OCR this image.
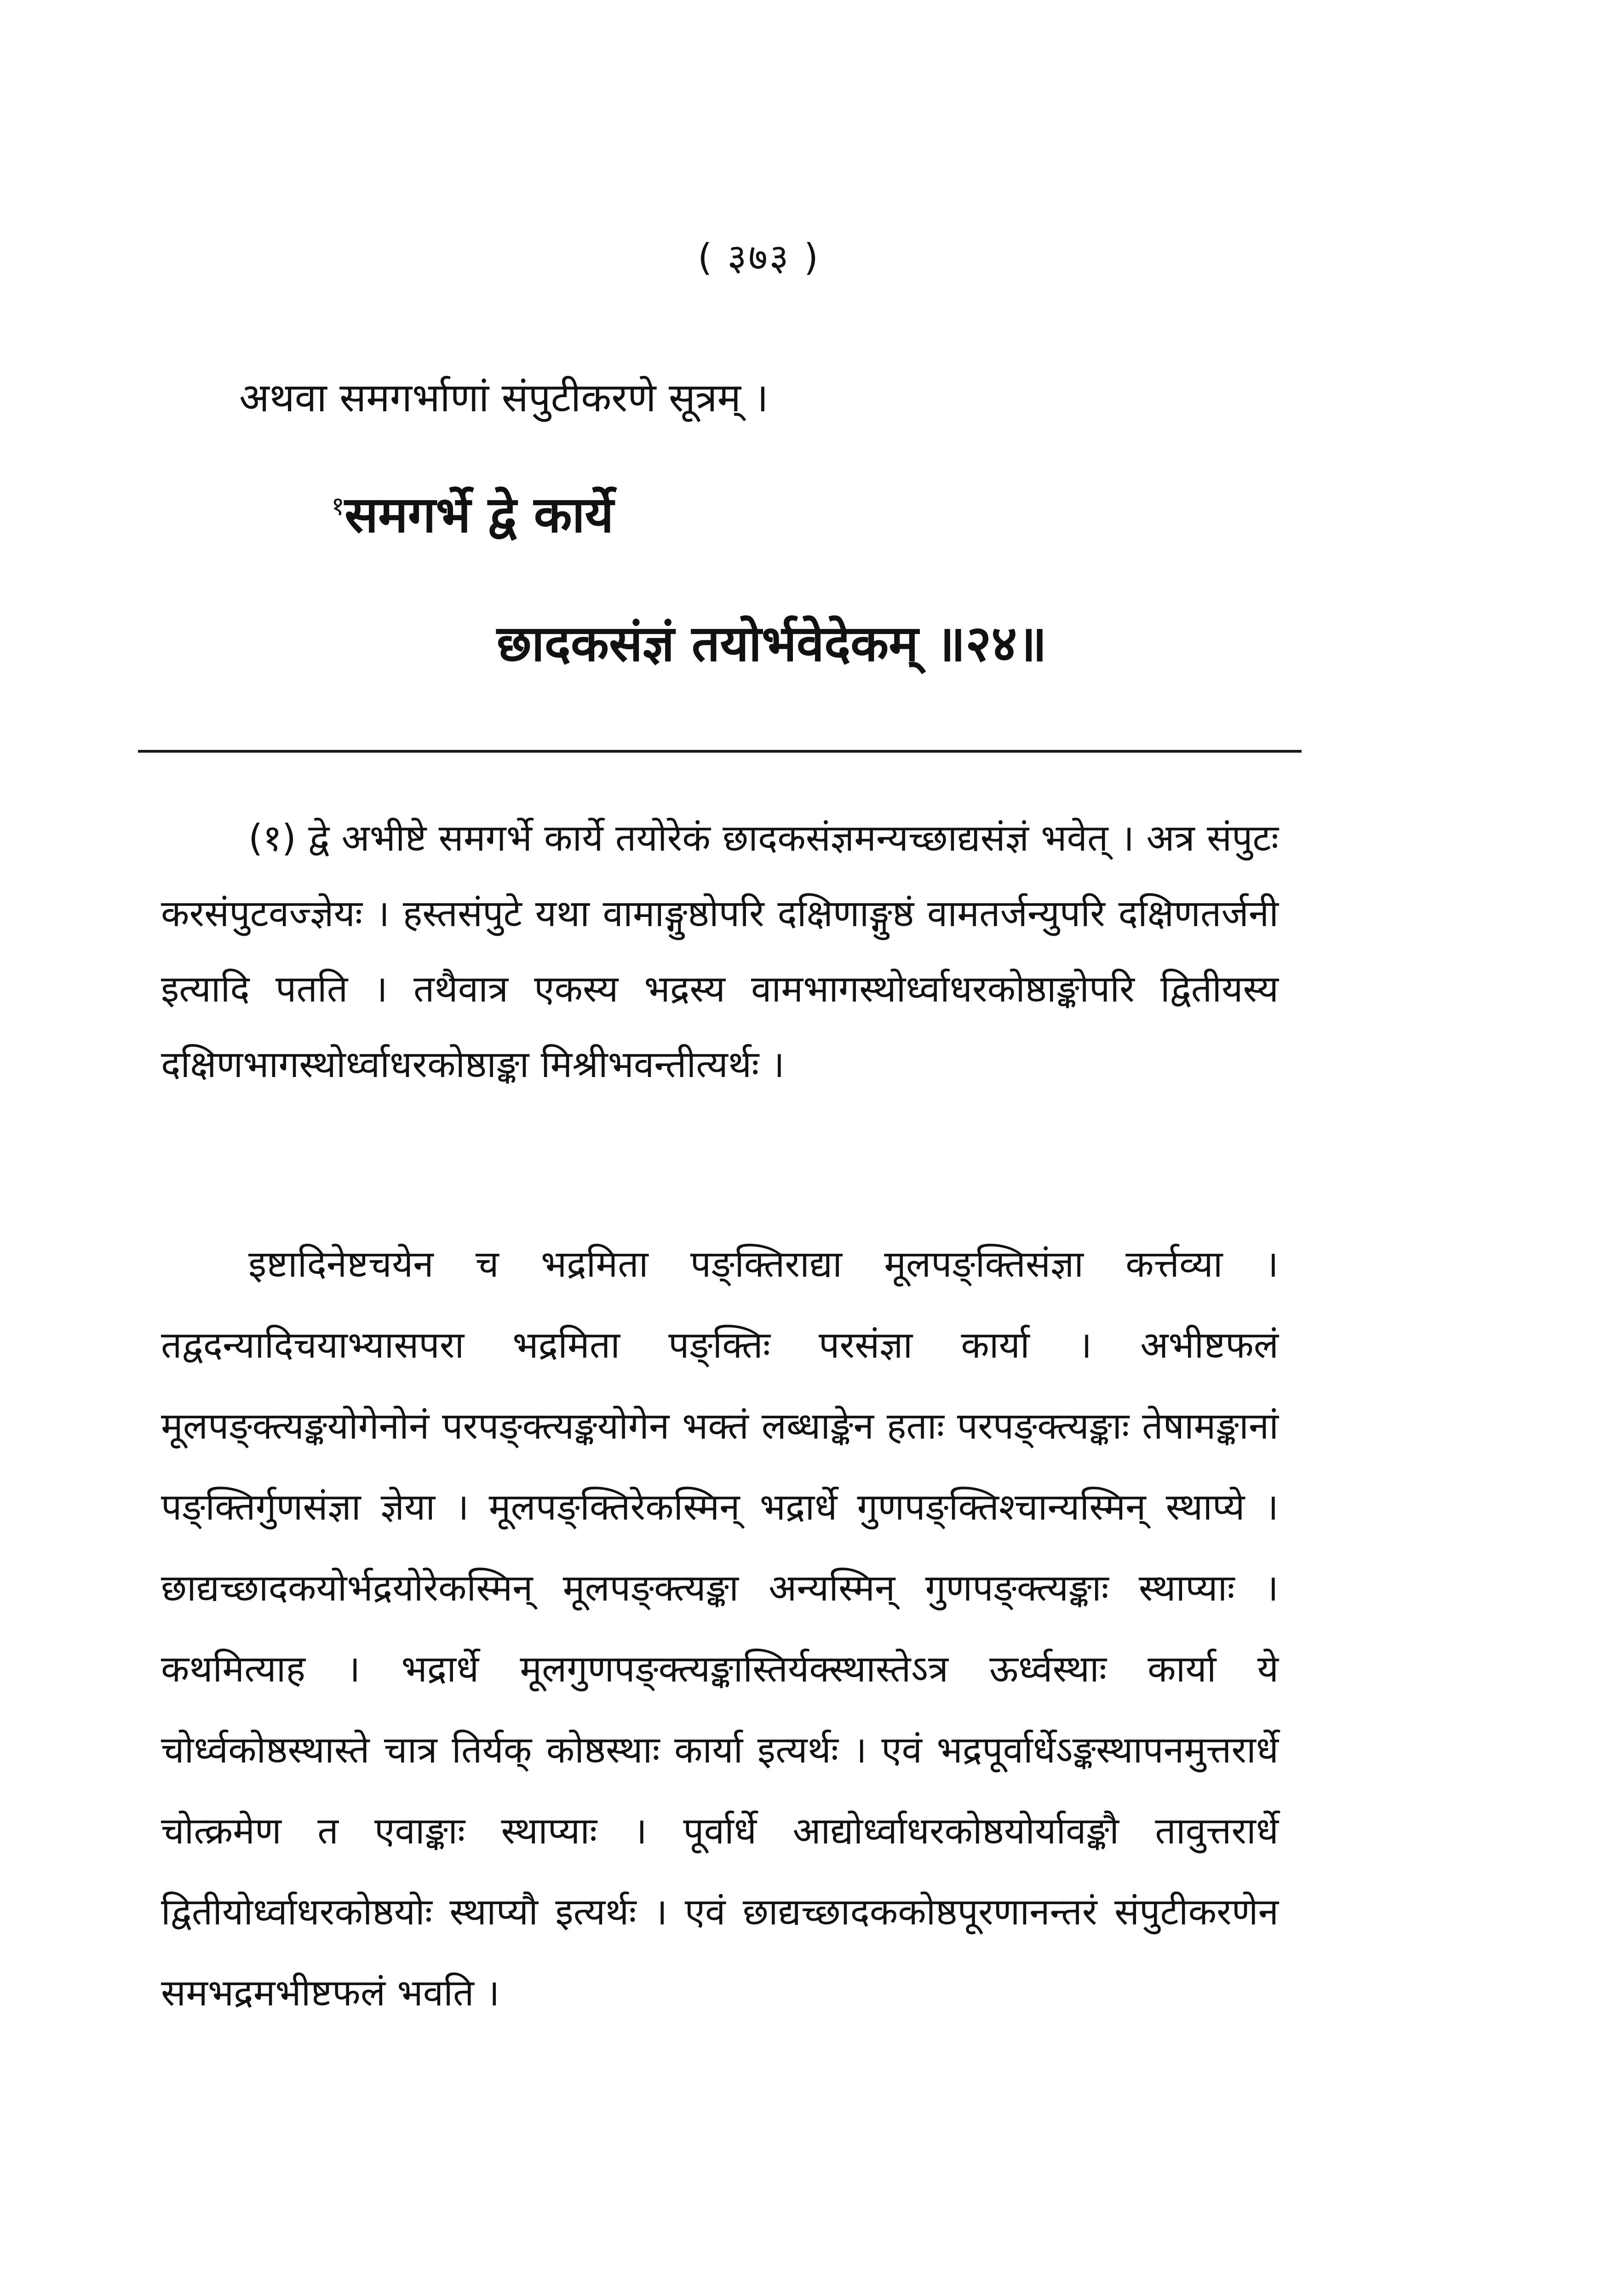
( ३७३ )
अथवा समगर्भाणां संपुटीकरणे सूत्रम् ।
$^१$समगर्भे द्वे कार्ये
छादकसंज्ञं तयोर्भवेदेकम् ॥२४॥
(१) द्वे अभीष्टे समगर्भे कार्ये तयोरेकं छादकसंज्ञमन्यच्छाद्यसंज्ञं भवेत् । अत्र संपुटः करसंपुटवज्ज्ञेयः । हस्तसंपुटे यथा वामाङ्गुष्ठोपरि दक्षिणाङ्गुष्ठं वामतर्जन्युपरि दक्षिणतर्जनी इत्यादि पतति । तथैवात्र एकस्य भद्रस्य वामभागस्थोर्ध्वाधरकोष्ठाङ्कोपरि द्वितीयस्य दक्षिणभागस्थोर्ध्वाधरकोष्ठाङ्का मिश्रीभवन्तीत्यर्थः ।
इष्टादिनेष्टचयेन च भद्रमिता पङ्क्तिराद्या मूलपङ्क्तिसंज्ञा कर्त्तव्या । तद्वदन्यादिचयाभ्यासपरा भद्रमिता पङ्क्तिः परसंज्ञा कार्या । अभीष्टफलं मूलपङ्क्त्यङ्कयोगेनोनं परपङ्क्त्यङ्कयोगेन भक्तं लब्धाङ्केन हताः परपङ्क्त्यङ्काः तेषामङ्कानां पङ्क्तिर्गुणसंज्ञा ज्ञेया । मूलपङ्क्तिरेकस्मिन् भद्रार्धे गुणपङ्क्तिश्चान्यस्मिन् स्थाप्ये । छाद्यच्छादकयोर्भद्रयोरेकस्मिन् मूलपङ्क्त्यङ्का अन्यस्मिन् गुणपङ्क्त्यङ्काः स्थाप्याः । कथमित्याह । भद्रार्धे मूलगुणपङ्क्त्यङ्कास्तिर्यक्स्थास्तेऽत्र ऊर्ध्वस्थाः कार्या ये चोर्ध्वकोष्ठस्थास्ते चात्र तिर्यक् कोष्ठस्थाः कार्या इत्यर्थः । एवं भद्रपूर्वार्धेऽङ्कस्थापनमुत्तरार्धे चोत्क्रमेण त एवाङ्काः स्थाप्याः । पूर्वार्धे आद्योर्ध्वाधरकोष्ठयोर्यावङ्कौ तावुत्तरार्धे द्वितीयोर्ध्वाधरकोष्ठयोः स्थाप्यौ इत्यर्थः । एवं छाद्यच्छादककोष्ठपूरणानन्तरं संपुटीकरणेन समभद्रमभीष्टफलं भवति ।
